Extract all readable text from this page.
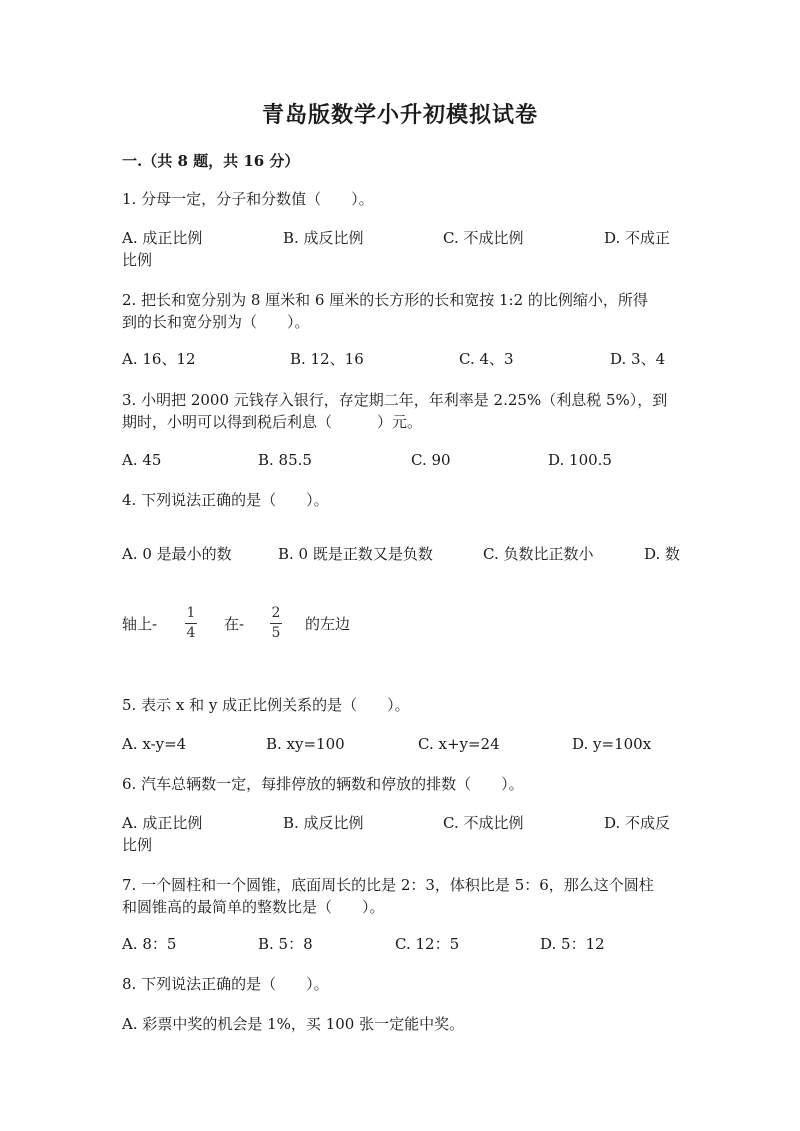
青岛版数学小升初模拟试卷
一.（共 8 题，共 16 分）
1. 分母一定，分子和分数值（　　）。
A. 成正比例	B. 成反比例	C. 不成比例	D. 不成正
比例
2. 把长和宽分别为 8 厘米和 6 厘米的长方形的长和宽按 1:2 的比例缩小，所得
到的长和宽分别为（　　）。
A. 16、12	B. 12、16	C. 4、3	D. 3、4
3. 小明把 2000 元钱存入银行，存定期二年，年利率是 2.25%（利息税 5%），到
期时，小明可以得到税后利息（　　　）元。
A. 45	B. 85.5	C. 90	D. 100.5
4. 下列说法正确的是（　　）。
A. 0 是最小的数	B. 0 既是正数又是负数	C. 负数比正数小	D. 数
轴上-
1
4 在-
2
5 的左边
5. 表示 x 和 y 成正比例关系的是（　　）。
A. x-y=4	B. xy=100	C. x+y=24	D. y=100x
6. 汽车总辆数一定，每排停放的辆数和停放的排数（　　）。
A. 成正比例	B. 成反比例	C. 不成比例	D. 不成反
比例
7. 一个圆柱和一个圆锥，底面周长的比是 2：3，体积比是 5：6，那么这个圆柱
和圆锥高的最简单的整数比是（　　）。
A. 8：5	B. 5：8	C. 12：5	D. 5：12
8. 下列说法正确的是（　　）。
A. 彩票中奖的机会是 1%，买 100 张一定能中奖。
